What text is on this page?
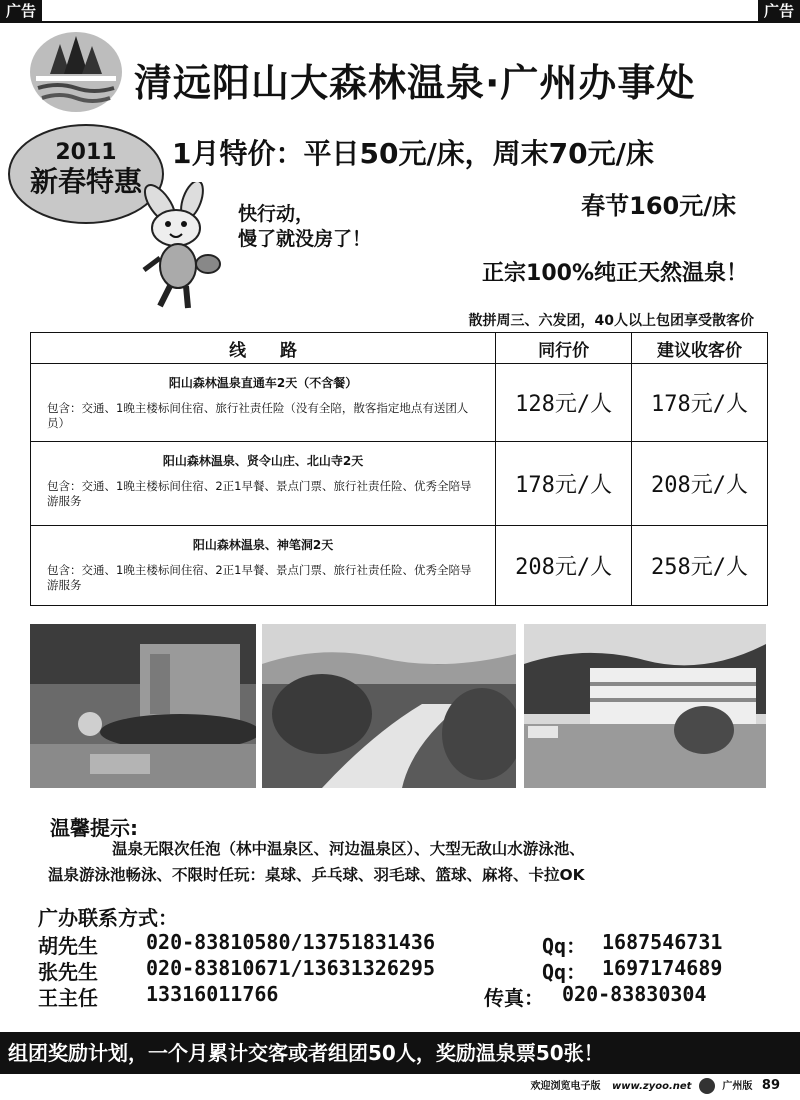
广告	广告
清远阳山大森林温泉·广州办事处
2011
新春特惠
1月特价：平日50元/床，周末70元/床
春节160元/床
快行动，
慢了就没房了！
正宗100%纯正天然温泉！
散拼周三、六发团，40人以上包团享受散客价
线　　路	同行价	建议收客价

阳山森林温泉直通车2天（不含餐）
包含：交通、1晚主楼标间住宿、旅行社责任险（没有全陪，散客指定地点有送团人员）	128元/人	178元/人

阳山森林温泉、贤令山庄、北山寺2天
包含：交通、1晚主楼标间住宿、2正1早餐、景点门票、旅行社责任险、优秀全陪导游服务	178元/人	208元/人

阳山森林温泉、神笔洞2天
包含：交通、1晚主楼标间住宿、2正1早餐、景点门票、旅行社责任险、优秀全陪导游服务	208元/人	258元/人
温馨提示:
温泉无限次任泡（林中温泉区、河边温泉区）、大型无敌山水游泳池、
温泉游泳池畅泳、不限时任玩：桌球、乒乓球、羽毛球、篮球、麻将、卡拉OK
广办联系方式：
胡先生 020-83810580/13751831436	Qq： 1687546731
张先生 020-83810671/13631326295	Qq： 1697174689
王主任 13316011766	传真： 020-83830304
组团奖励计划，一个月累计交客或者组团50人，奖励温泉票50张！
欢迎浏览电子版 www.zyoo.net	广州版 89
